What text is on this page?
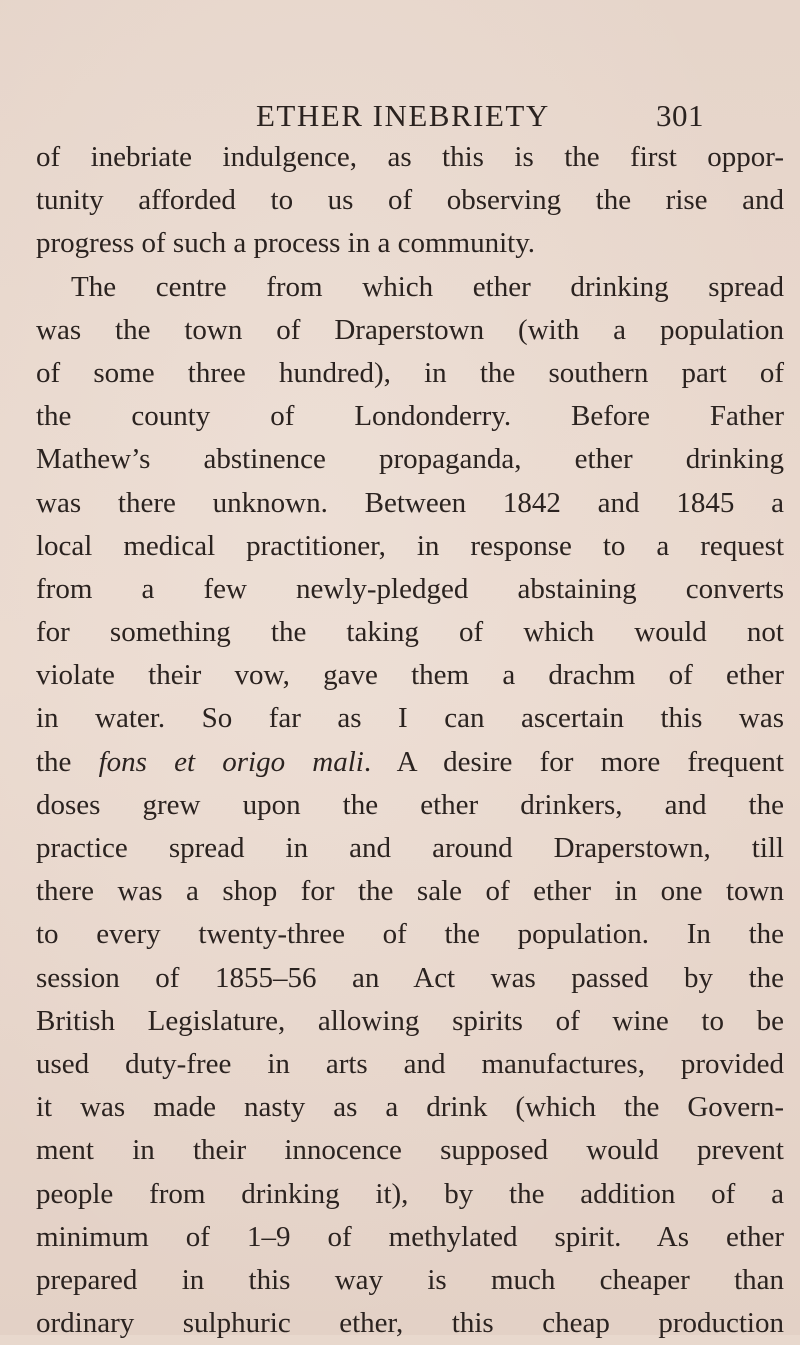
ETHER INEBRIETY	301
of inebriate indulgence, as this is the first oppor-
tunity afforded to us of observing the rise and
progress of such a process in a community.
The centre from which ether drinking spread
was the town of Draperstown (with a population
of some three hundred), in the southern part of
the county of Londonderry. Before Father
Mathew’s abstinence propaganda, ether drinking
was there unknown. Between 1842 and 1845 a
local medical practitioner, in response to a request
from a few newly-pledged abstaining converts
for something the taking of which would not
violate their vow, gave them a drachm of ether
in water. So far as I can ascertain this was
the fons et origo mali. A desire for more frequent
doses grew upon the ether drinkers, and the
practice spread in and around Draperstown, till
there was a shop for the sale of ether in one town
to every twenty-three of the population. In the
session of 1855–56 an Act was passed by the
British Legislature, allowing spirits of wine to be
used duty-free in arts and manufactures, provided
it was made nasty as a drink (which the Govern-
ment in their innocence supposed would prevent
people from drinking it), by the addition of a
minimum of 1–9 of methylated spirit. As ether
prepared in this way is much cheaper than
ordinary sulphuric ether, this cheap production
